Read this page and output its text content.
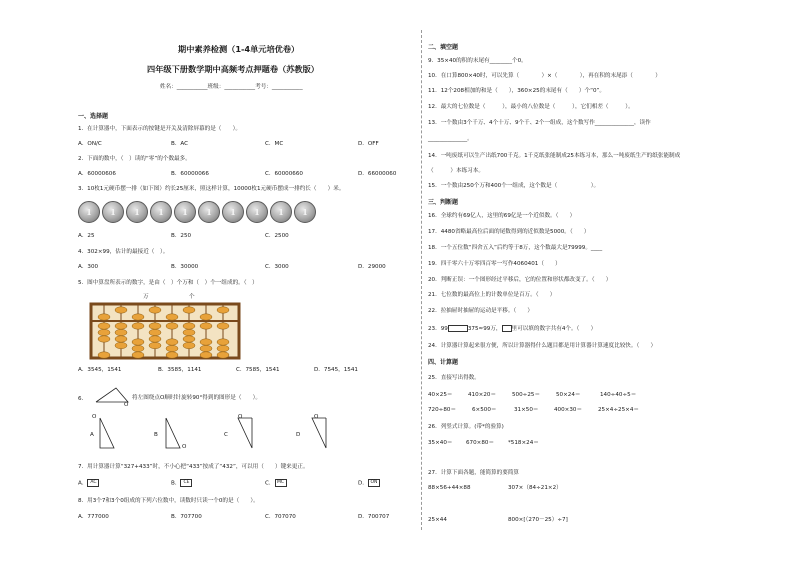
期中素养检测（1-4单元培优卷）
四年级下册数学期中高频考点押题卷（苏教版）
姓名：___________班级：___________考号：___________
一、选择题
1．在计算器中，下面表示的按键是开关及清除屏幕的是（　　）。
A．ON/C	B．AC	C．MC	D．OFF
2．下面的数中，（　）读的“零”的个数最多。
A．60000606	B．60000066	C．60000660	D．66000060
3．10枚1元硬币摆一排（如下图）约长25厘米，照这样计算，10000枚1元硬币摆成一排约长（　　）米。
1	1	1	1	1	1	1	1	1	1
A．25	B．250	C．2500
4．302×99，估计的最接近（　）。
A．300	B．30000	C．3000	D．29000
5．图中算盘所表示的数字，是由（　）个万和（　）个一组成的。（　）
万	个
A．3545，1541	B．3585，1141	C．7585，1541	D．7545，1541
6．
O
将左图绕点O顺时针旋转90°得到的图形是（　　）。
A
O
B
O
C
O
D
O
7．用计算器计算“327+433”时，不小心把“433”按成了“432”，可以用（　　）键来更正。
A． AC	B． CE	C． MC	D． ON
8．用3个7和3个0组成的下列六位数中，读数时只读一个0的是（　　）。
A．777000	B．707700	C．707070	D．700707
二、填空题
9．35×40的积的末尾有________个0。
10．在口算800×40时，可以先算（　　　　）×（　　　　），再在积的末尾添（　　　　）
11．12个208相加的和是（　　），360×25的末尾有（　　）个“0”。
12．最大的七位数是（　　　），最小的八位数是（　　　），它们相差（　　　）。
13．一个数由3个千万、4个十万、9个千、2个一组成，这个数写作______________，读作
______________。
14．一吨废纸可以生产出纸700千克。1千克纸张能制成25本练习本，那么一吨废纸生产的纸张能制成
（　　　）本练习本。
15．一个数由250个万和400个一组成，这个数是（　　　　　　）。
三、判断题
16．全球约有69亿人，这里的69亿是一个近似数。（　　）
17．4480省略最高位后面的尾数得到的近似数是5000。（　　）
18．一个五位数“四舍五入”后约等于8万，这个数最大是79999。____
19．四千零六十万零四百零一写作4060401（　　）
20．判断正误：一个图形经过平移后，它的位置和形状都改变了。（　　）
21．七位数的最高位上的计数单位是百万。（　　）
22．拉抽屉时抽屉的运动是平移。（　　）
23．99	375≈99万， 里可以填的数字共有4个。（　　）
24．计算器计算起来很方便，所以计算器得什么题目都是用计算器计算速度比较快。（　　）
四、计算题
25．直接写出得数。
40×25＝	410×20＝	500÷25＝	50×24＝	140÷40÷5＝
720÷80＝	6×500＝	31×50＝	400×30＝	25×4÷25×4＝
26．列竖式计算。(带*的验算)
35×40＝ 670×80＝ *518×24＝
27．计算下面各题，能简算的要简算
88×56+44×88	307×（84÷21×2）
25×44	800×[（270－25）÷7]
